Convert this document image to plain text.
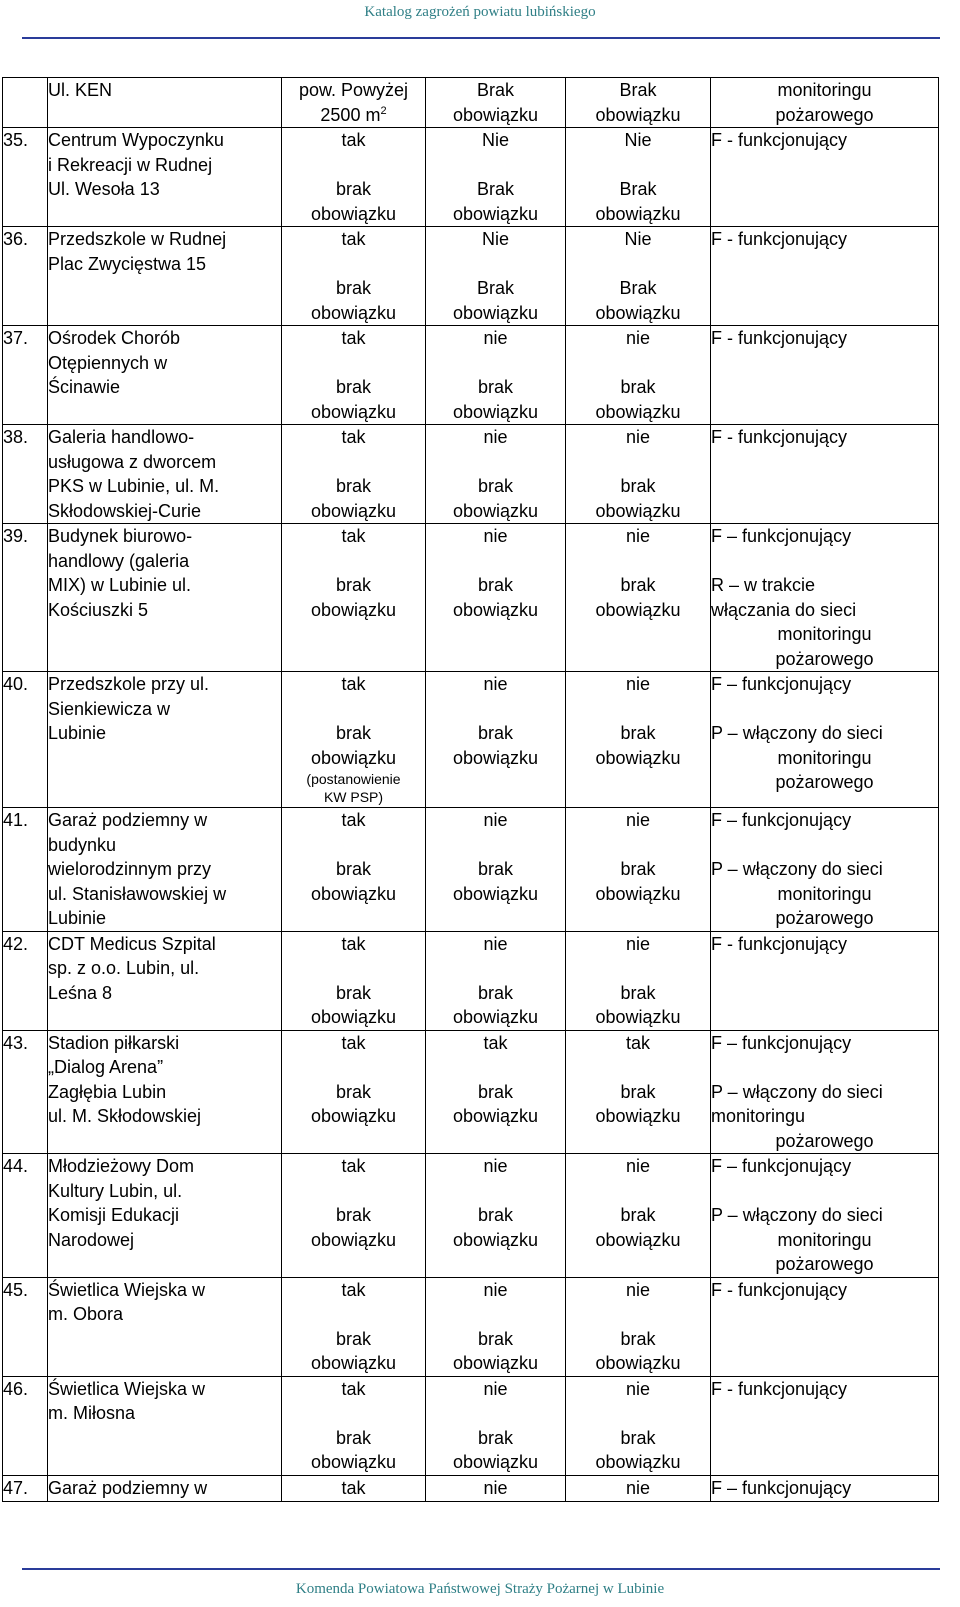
Katalog zagrożeń powiatu lubińskiego

	Ul. KEN	pow. Powyżej
2500 $m^2$	Brak
obowiązku	Brak
obowiązku	monitoringu
pożarowego

35.	Centrum Wypoczynku
i Rekreacji w Rudnej
Ul. Wesoła 13	tak
brak
obowiązku	Nie
Brak
obowiązku	Nie
Brak
obowiązku	F - funkcjonujący

36.	Przedszkole w Rudnej
Plac Zwycięstwa 15	tak
brak
obowiązku	Nie
Brak
obowiązku	Nie
Brak
obowiązku	F - funkcjonujący

37.	Ośrodek Chorób
Otępiennych w
Ścinawie	tak
brak
obowiązku	nie
brak
obowiązku	nie
brak
obowiązku	F - funkcjonujący

38.	Galeria handlowo-
usługowa z dworcem
PKS w Lubinie, ul. M.
Skłodowskiej-Curie	tak
brak
obowiązku	nie
brak
obowiązku	nie
brak
obowiązku	F - funkcjonujący

39.	Budynek biurowo-
handlowy (galeria
MIX) w Lubinie ul.
Kościuszki 5	tak
brak
obowiązku	nie
brak
obowiązku	nie
brak
obowiązku	F – funkcjonujący
R – w trakcie
włączania do sieci
monitoringu
pożarowego

40.	Przedszkole przy ul.
Sienkiewicza w
Lubinie	tak
brak
obowiązku
(postanowienie
KW PSP)	nie
brak
obowiązku	nie
brak
obowiązku	F – funkcjonujący
P – włączony do sieci
monitoringu
pożarowego

41.	Garaż podziemny w
budynku
wielorodzinnym przy
ul. Stanisławowskiej w
Lubinie	tak
brak
obowiązku	nie
brak
obowiązku	nie
brak
obowiązku	F – funkcjonujący
P – włączony do sieci
monitoringu
pożarowego

42.	CDT Medicus Szpital
sp. z o.o. Lubin, ul.
Leśna 8	tak
brak
obowiązku	nie
brak
obowiązku	nie
brak
obowiązku	F - funkcjonujący

43.	Stadion piłkarski
„Dialog Arena”
Zagłębia Lubin
ul. M. Skłodowskiej	tak
brak
obowiązku	tak
brak
obowiązku	tak
brak
obowiązku	F – funkcjonujący
P – włączony do sieci
monitoringu
pożarowego

44.	Młodzieżowy Dom
Kultury Lubin, ul.
Komisji Edukacji
Narodowej	tak
brak
obowiązku	nie
brak
obowiązku	nie
brak
obowiązku	F – funkcjonujący
P – włączony do sieci
monitoringu
pożarowego

45.	Świetlica Wiejska w
m. Obora	tak
brak
obowiązku	nie
brak
obowiązku	nie
brak
obowiązku	F - funkcjonujący

46.	Świetlica Wiejska w
m. Miłosna	tak
brak
obowiązku	nie
brak
obowiązku	nie
brak
obowiązku	F - funkcjonujący

47.	Garaż podziemny w	tak	nie	nie	F – funkcjonujący
Komenda Powiatowa Państwowej Straży Pożarnej w Lubinie
